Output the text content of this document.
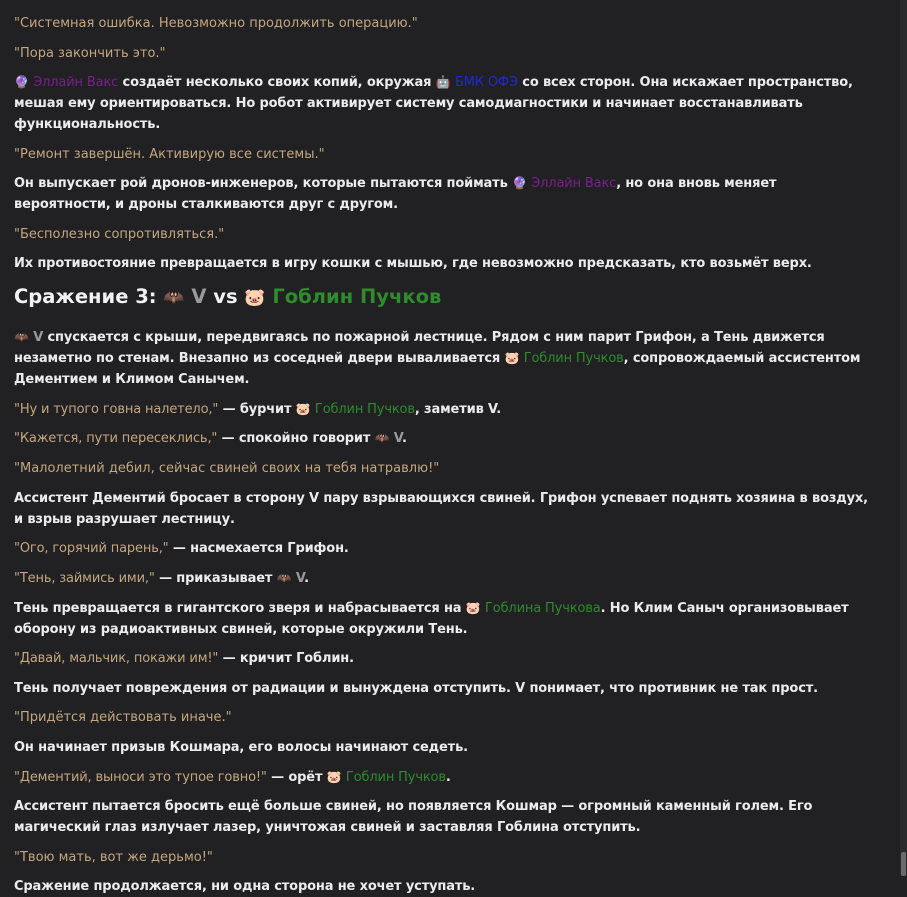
"Системная ошибка. Невозможно продолжить операцию."

"Пора закончить это."

🔮 Эллайн Вакс создаёт несколько своих копий, окружая 🤖 БМК ОФЭ со всех сторон. Она искажает пространство, мешая ему ориентироваться. Но робот активирует систему самодиагностики и начинает восстанавливать функциональность.

"Ремонт завершён. Активирую все системы."

Он выпускает рой дронов-инженеров, которые пытаются поймать 🔮 Эллайн Вакс, но она вновь меняет вероятности, и дроны сталкиваются друг с другом.

"Бесполезно сопротивляться."

Их противостояние превращается в игру кошки с мышью, где невозможно предсказать, кто возьмёт верх.

Сражение 3: 🦇 V vs 🐷 Гоблин Пучков

🦇 V спускается с крыши, передвигаясь по пожарной лестнице. Рядом с ним парит Грифон, а Тень движется незаметно по стенам. Внезапно из соседней двери вываливается 🐷 Гоблин Пучков, сопровождаемый ассистентом Дементием и Климом Санычем.

"Ну и тупого говна налетело," — бурчит 🐷 Гоблин Пучков, заметив V.

"Кажется, пути пересеклись," — спокойно говорит 🦇 V.

"Малолетний дебил, сейчас свиней своих на тебя натравлю!"

Ассистент Дементий бросает в сторону V пару взрывающихся свиней. Грифон успевает поднять хозяина в воздух, и взрыв разрушает лестницу.

"Ого, горячий парень," — насмехается Грифон.

"Тень, займись ими," — приказывает 🦇 V.

Тень превращается в гигантского зверя и набрасывается на 🐷 Гоблина Пучкова. Но Клим Саныч организовывает оборону из радиоактивных свиней, которые окружили Тень.

"Давай, мальчик, покажи им!" — кричит Гоблин.

Тень получает повреждения от радиации и вынуждена отступить. V понимает, что противник не так прост.

"Придётся действовать иначе."

Он начинает призыв Кошмара, его волосы начинают седеть.

"Дементий, выноси это тупое говно!" — орёт 🐷 Гоблин Пучков.

Ассистент пытается бросить ещё больше свиней, но появляется Кошмар — огромный каменный голем. Его магический глаз излучает лазер, уничтожая свиней и заставляя Гоблина отступить.

"Твою мать, вот же дерьмо!"

Сражение продолжается, ни одна сторона не хочет уступать.
